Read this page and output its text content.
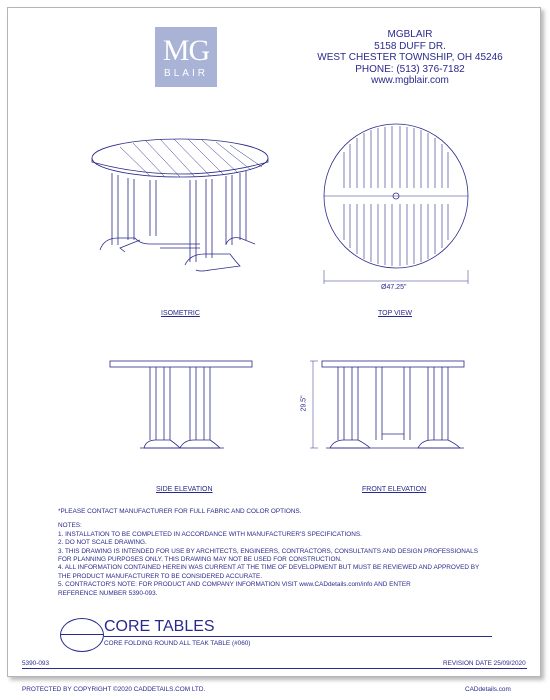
MG
BLAIR
MGBLAIR
5158 DUFF DR.
WEST CHESTER TOWNSHIP, OH 45246
PHONE: (513) 376-7182
www.mgblair.com
Ø47.25"
29.5"
ISOMETRIC	TOP VIEW
SIDE ELEVATION	FRONT ELEVATION
*PLEASE CONTACT MANUFACTURER FOR FULL FABRIC AND COLOR OPTIONS.
NOTES:
1. INSTALLATION TO BE COMPLETED IN ACCORDANCE WITH MANUFACTURER'S SPECIFICATIONS.
2. DO NOT SCALE DRAWING.
3. THIS DRAWING IS INTENDED FOR USE BY ARCHITECTS, ENGINEERS, CONTRACTORS, CONSULTANTS AND DESIGN PROFESSIONALS
FOR PLANNING PURPOSES ONLY. THIS DRAWING MAY NOT BE USED FOR CONSTRUCTION.
4. ALL INFORMATION CONTAINED HEREIN WAS CURRENT AT THE TIME OF DEVELOPMENT BUT MUST BE REVIEWED AND APPROVED BY
THE PRODUCT MANUFACTURER TO BE CONSIDERED ACCURATE.
5. CONTRACTOR'S NOTE: FOR PRODUCT AND COMPANY INFORMATION VISIT www.CADdetails.com/info AND ENTER
REFERENCE NUMBER 5390-093.
CORE TABLES
CORE FOLDING ROUND ALL TEAK TABLE (#060)
5390-093	REVISION DATE 25/09/2020
PROTECTED BY COPYRIGHT ©2020 CADDETAILS.COM LTD.	CADdetails.com
